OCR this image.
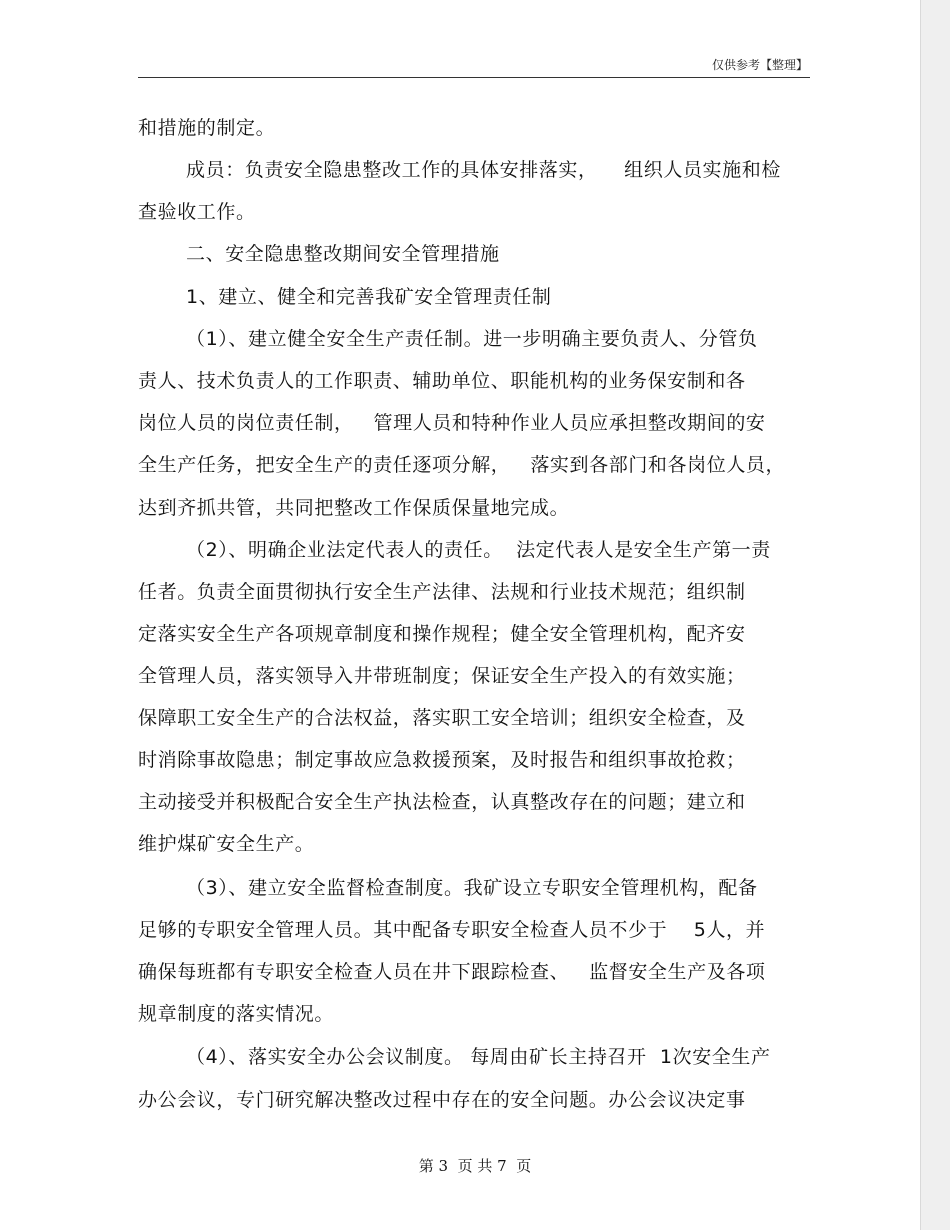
仅供参考【整理】
和措施的制定。
成员：负责安全隐患整改工作的具体安排落实，    组织人员实施和检
查验收工作。
二、安全隐患整改期间安全管理措施
1、建立、健全和完善我矿安全管理责任制
（1）、建立健全安全生产责任制。进一步明确主要负责人、分管负
责人、技术负责人的工作职责、辅助单位、职能机构的业务保安制和各
岗位人员的岗位责任制，   管理人员和特种作业人员应承担整改期间的安
全生产任务，把安全生产的责任逐项分解，   落实到各部门和各岗位人员，
达到齐抓共管，共同把整改工作保质保量地完成。
（2）、明确企业法定代表人的责任。  法定代表人是安全生产第一责
任者。负责全面贯彻执行安全生产法律、法规和行业技术规范；组织制
定落实安全生产各项规章制度和操作规程；健全安全管理机构，配齐安
全管理人员，落实领导入井带班制度；保证安全生产投入的有效实施；
保障职工安全生产的合法权益，落实职工安全培训；组织安全检查，及
时消除事故隐患；制定事故应急救援预案，及时报告和组织事故抢救；
主动接受并积极配合安全生产执法检查，认真整改存在的问题；建立和
维护煤矿安全生产。
（3）、建立安全监督检查制度。我矿设立专职安全管理机构，配备
足够的专职安全管理人员。其中配备专职安全检查人员不少于    5人，并
确保每班都有专职安全检查人员在井下跟踪检查、   监督安全生产及各项
规章制度的落实情况。
（4）、落实安全办公会议制度。 每周由矿长主持召开  1次安全生产
办公会议，专门研究解决整改过程中存在的安全问题。办公会议决定事
第 3  页 共 7  页
